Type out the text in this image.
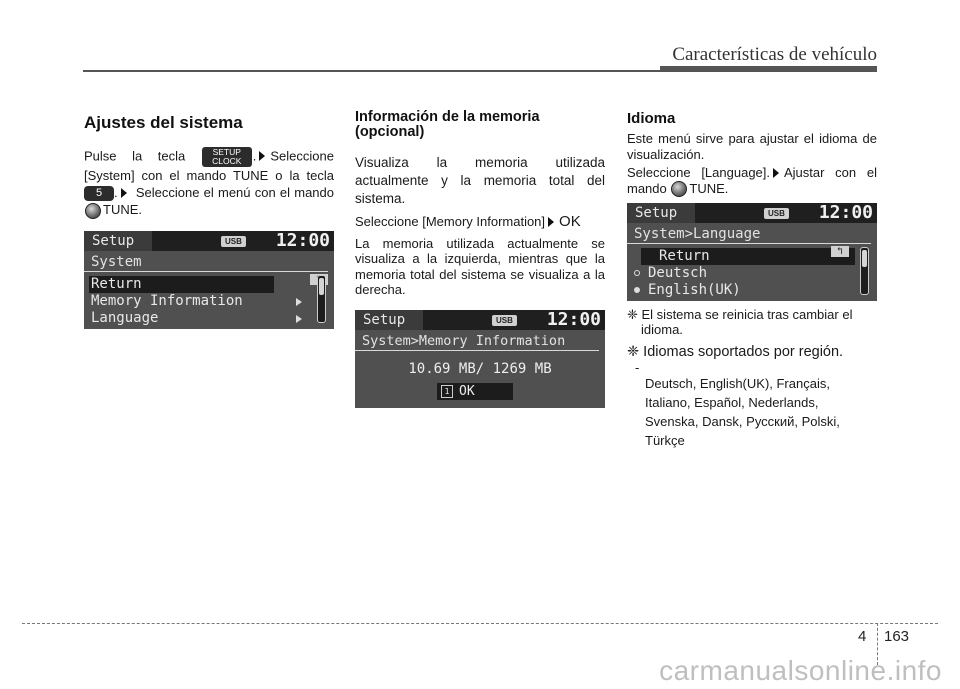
Características de vehículo
Ajustes del sistema

Pulse la tecla	SETUP
CLOCK . Seleccione [System] con el mando TUNE o la tecla 5 . Seleccione el menú con el mando TUNE.

Setup	USB 12:00
System
Return
Memory Information
Language
Información de la memoria (opcional)

Visualiza la memoria utilizada actualmente y la memoria total del sistema.

Seleccione [Memory Information] OK

La memoria utilizada actualmente se visualiza a la izquierda, mientras que la memoria total del sistema se visualiza a la derecha.

Setup	USB 12:00
System>Memory Information
10.69 MB/ 1269 MB
1 OK
Idioma

Este menú sirve para ajustar el idioma de visualización.

Seleccione [Language]. Ajustar con el mando TUNE.

Setup	USB 12:00
System>Language
Return	↰
Deutsch
English(UK)
❈ El sistema se reinicia tras cambiar el idioma.
❈ Idiomas soportados por región.
-
Deutsch, English(UK), Français,
Italiano, Español, Nederlands,
Svenska, Dansk, Русский, Polski,
Türkçe
4 163
carmanualsonline.info
